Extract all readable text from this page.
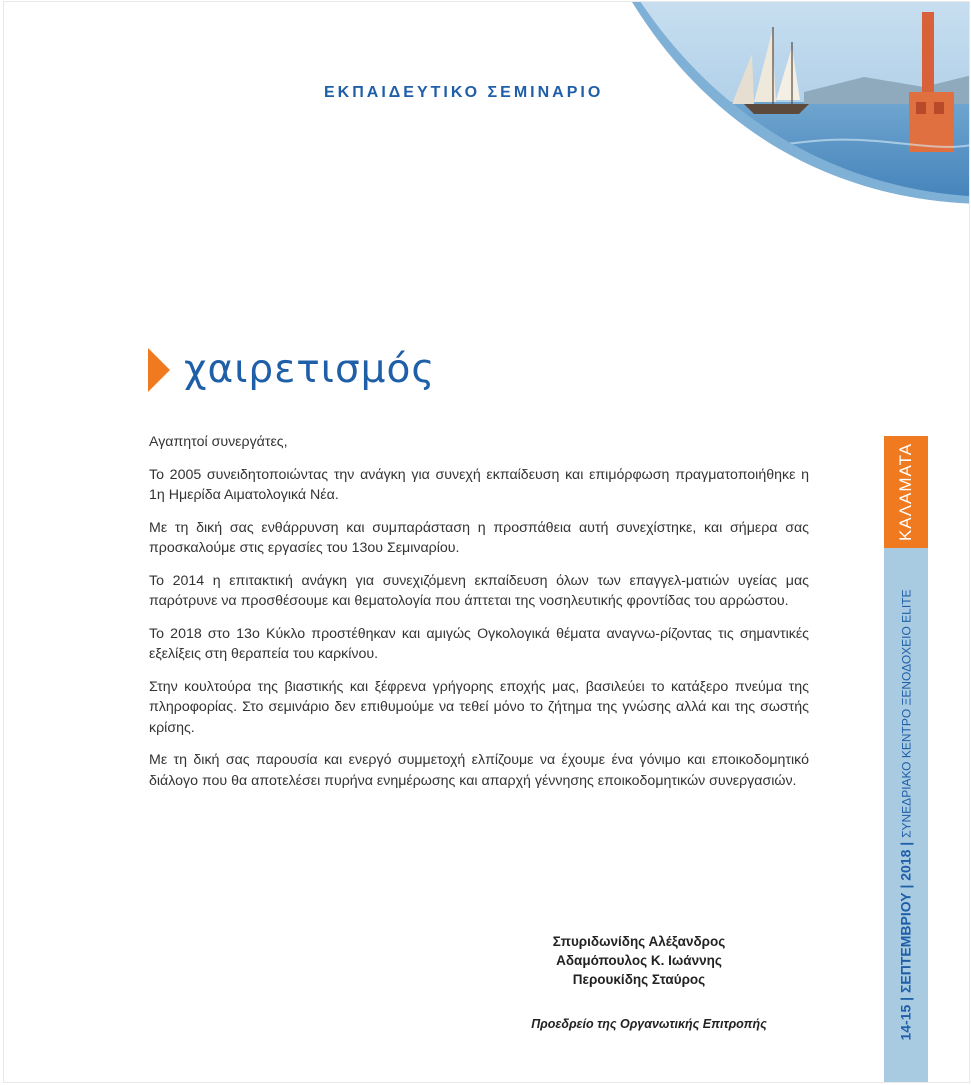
ΕΚΠΑΙΔΕΥΤΙΚΟ ΣΕΜΙΝΑΡΙΟ
χαιρετισμός

Αγαπητοί συνεργάτες,

Το 2005 συνειδητοποιώντας την ανάγκη για συνεχή εκπαίδευση και επιμόρφωση πραγματοποιήθηκε η 1η Ημερίδα Αιματολογικά Νέα.

Με τη δική σας ενθάρρυνση και συμπαράσταση η προσπάθεια αυτή συνεχίστηκε, και σήμερα σας προσκαλούμε στις εργασίες του 13ου Σεμιναρίου.

Το 2014 η επιτακτική ανάγκη για συνεχιζόμενη εκπαίδευση όλων των επαγγελ-ματιών υγείας μας παρότρυνε να προσθέσουμε και θεματολογία που άπτεται της νοσηλευτικής φροντίδας του αρρώστου.

Το 2018 στο 13ο Κύκλο προστέθηκαν και αμιγώς Ογκολογικά θέματα αναγνω-ρίζοντας τις σημαντικές εξελίξεις στη θεραπεία του καρκίνου.

Στην κουλτούρα της βιαστικής και ξέφρενα γρήγορης εποχής μας, βασιλεύει το κατάξερο πνεύμα της πληροφορίας. Στο σεμινάριο δεν επιθυμούμε να τεθεί μόνο το ζήτημα της γνώσης αλλά και της σωστής κρίσης.

Με τη δική σας παρουσία και ενεργό συμμετοχή ελπίζουμε να έχουμε ένα γόνιμο και εποικοδομητικό διάλογο που θα αποτελέσει πυρήνα ενημέρωσης και απαρχή γέννησης εποικοδομητικών συνεργασιών.

Σπυριδωνίδης Αλέξανδρος
Αδαμόπουλος Κ. Ιωάννης
Περουκίδης Σταύρος
Προεδρείο της Οργανωτικής Επιτροπής
ΚΑΛΑΜΑΤΑ
14-15 | ΣΕΠΤΕΜΒΡΙΟΥ | 2018 | ΣΥΝΕΔΡΙΑΚΟ ΚΕΝΤΡΟ ΞΕΝΟΔΟΧΕΙΟ ELITE
